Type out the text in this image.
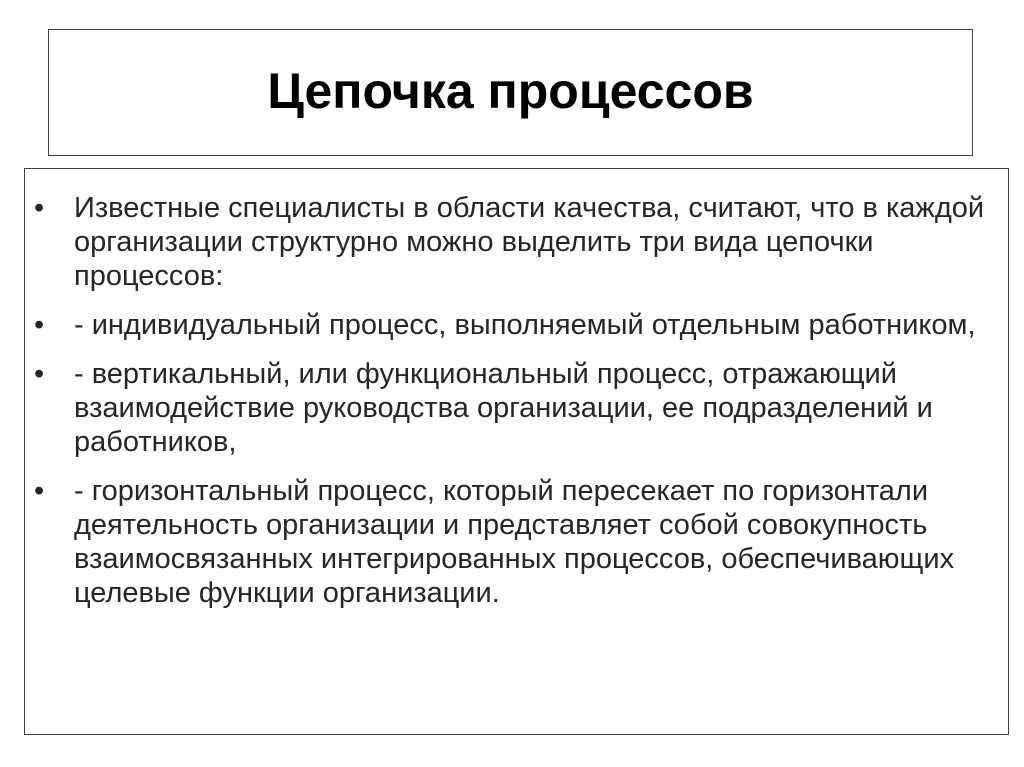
Цепочка процессов
• Известные специалисты в области качества, считают, что в каждой организации структурно можно выделить три вида цепочки процессов:
• - индивидуальный процесс, выполняемый отдельным работником,
• - вертикальный, или функциональный процесс, отражающий взаимодействие руководства организации, ее подразделений и работников,
• - горизонтальный процесс, который пересекает по горизонтали деятельность организации и представляет собой совокупность взаимосвязанных интегрированных процессов, обеспечивающих целевые функции организации.
